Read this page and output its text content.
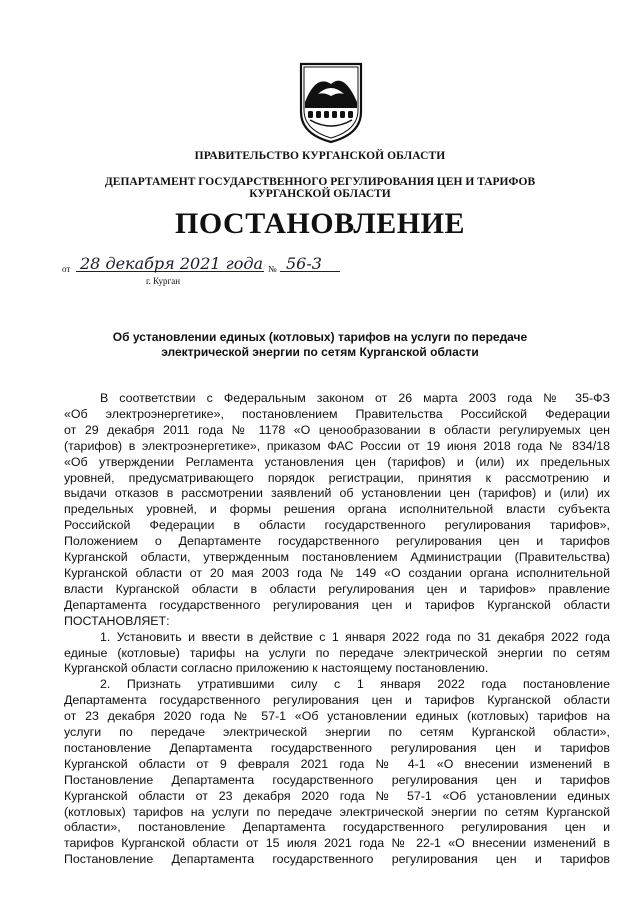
ПРАВИТЕЛЬСТВО КУРГАНСКОЙ ОБЛАСТИ
ДЕПАРТАМЕНТ ГОСУДАРСТВЕННОГО РЕГУЛИРОВАНИЯ ЦЕН И ТАРИФОВ
КУРГАНСКОЙ ОБЛАСТИ
ПОСТАНОВЛЕНИЕ
от 28 декабря 2021 года № 56-3
г. Курган
Об установлении единых (котловых) тарифов на услуги по передаче
электрической энергии по сетям Курганской области
В соответствии с Федеральным законом от 26 марта 2003 года № 35-ФЗ
«Об электроэнергетике», постановлением Правительства Российской Федерации
от 29 декабря 2011 года № 1178 «О ценообразовании в области регулируемых цен
(тарифов) в электроэнергетике», приказом ФАС России от 19 июня 2018 года № 834/18
«Об утверждении Регламента установления цен (тарифов) и (или) их предельных
уровней, предусматривающего порядок регистрации, принятия к рассмотрению и
выдачи отказов в рассмотрении заявлений об установлении цен (тарифов) и (или) их
предельных уровней, и формы решения органа исполнительной власти субъекта
Российской Федерации в области государственного регулирования тарифов»,
Положением о Департаменте государственного регулирования цен и тарифов
Курганской области, утвержденным постановлением Администрации (Правительства)
Курганской области от 20 мая 2003 года № 149 «О создании органа исполнительной
власти Курганской области в области регулирования цен и тарифов» правление
Департамента государственного регулирования цен и тарифов Курганской области
ПОСТАНОВЛЯЕТ:
1. Установить и ввести в действие с 1 января 2022 года по 31 декабря 2022 года
единые (котловые) тарифы на услуги по передаче электрической энергии по сетям
Курганской области согласно приложению к настоящему постановлению.
2. Признать утратившими силу с 1 января 2022 года постановление
Департамента государственного регулирования цен и тарифов Курганской области
от 23 декабря 2020 года № 57-1 «Об установлении единых (котловых) тарифов на
услуги по передаче электрической энергии по сетям Курганской области»,
постановление Департамента государственного регулирования цен и тарифов
Курганской области от 9 февраля 2021 года № 4-1 «О внесении изменений в
Постановление Департамента государственного регулирования цен и тарифов
Курганской области от 23 декабря 2020 года № 57-1 «Об установлении единых
(котловых) тарифов на услуги по передаче электрической энергии по сетям Курганской
области», постановление Департамента государственного регулирования цен и
тарифов Курганской области от 15 июля 2021 года № 22-1 «О внесении изменений в
Постановление Департамента государственного регулирования цен и тарифов
